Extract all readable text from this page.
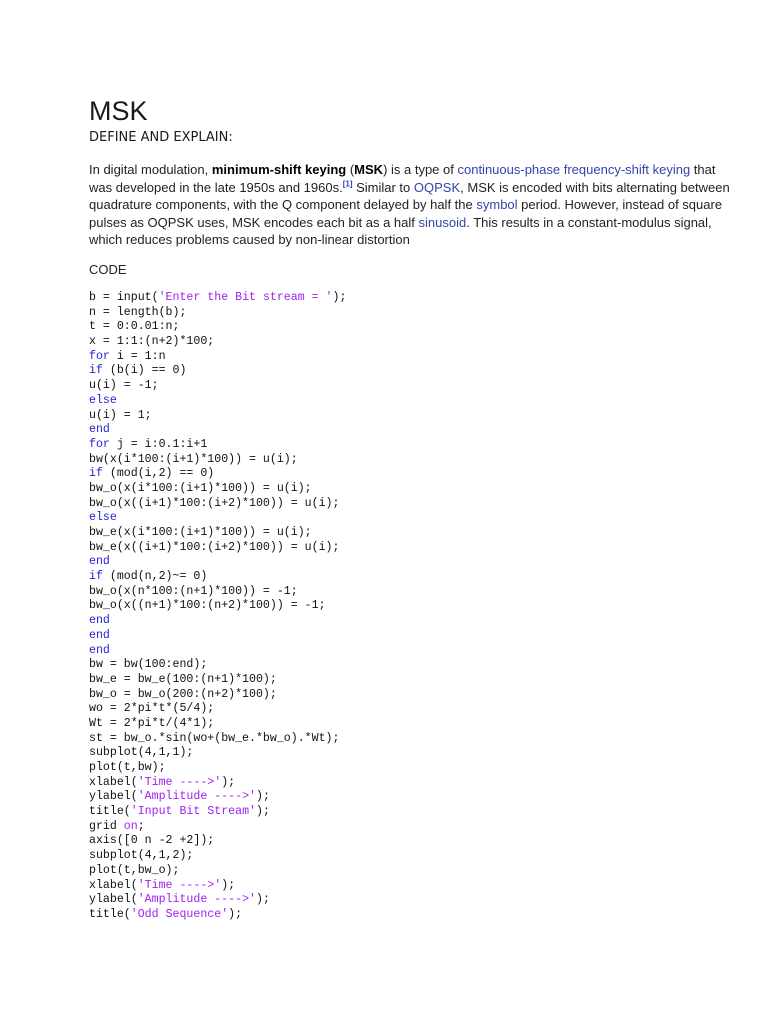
MSK
DEFINE AND EXPLAIN:
In digital modulation, minimum-shift keying (MSK) is a type of continuous-phase frequency-shift keying that was developed in the late 1950s and 1960s.[1] Similar to OQPSK, MSK is encoded with bits alternating between quadrature components, with the Q component delayed by half the symbol period. However, instead of square pulses as OQPSK uses, MSK encodes each bit as a half sinusoid. This results in a constant-modulus signal, which reduces problems caused by non-linear distortion
CODE
b = input('Enter the Bit stream = ');
n = length(b);
t = 0:0.01:n;
x = 1:1:(n+2)*100;
for i = 1:n
if (b(i) == 0)
u(i) = -1;
else
u(i) = 1;
end
for j = i:0.1:i+1
bw(x(i*100:(i+1)*100)) = u(i);
if (mod(i,2) == 0)
bw_o(x(i*100:(i+1)*100)) = u(i);
bw_o(x((i+1)*100:(i+2)*100)) = u(i);
else
bw_e(x(i*100:(i+1)*100)) = u(i);
bw_e(x((i+1)*100:(i+2)*100)) = u(i);
end
if (mod(n,2)~= 0)
bw_o(x(n*100:(n+1)*100)) = -1;
bw_o(x((n+1)*100:(n+2)*100)) = -1;
end
end
end
bw = bw(100:end);
bw_e = bw_e(100:(n+1)*100);
bw_o = bw_o(200:(n+2)*100);
wo = 2*pi*t*(5/4);
Wt = 2*pi*t/(4*1);
st = bw_o.*sin(wo+(bw_e.*bw_o).*Wt);
subplot(4,1,1);
plot(t,bw);
xlabel('Time ---->');
ylabel('Amplitude ---->');
title('Input Bit Stream');
grid on;
axis([0 n -2 +2]);
subplot(4,1,2);
plot(t,bw_o);
xlabel('Time ---->');
ylabel('Amplitude ---->');
title('Odd Sequence');
